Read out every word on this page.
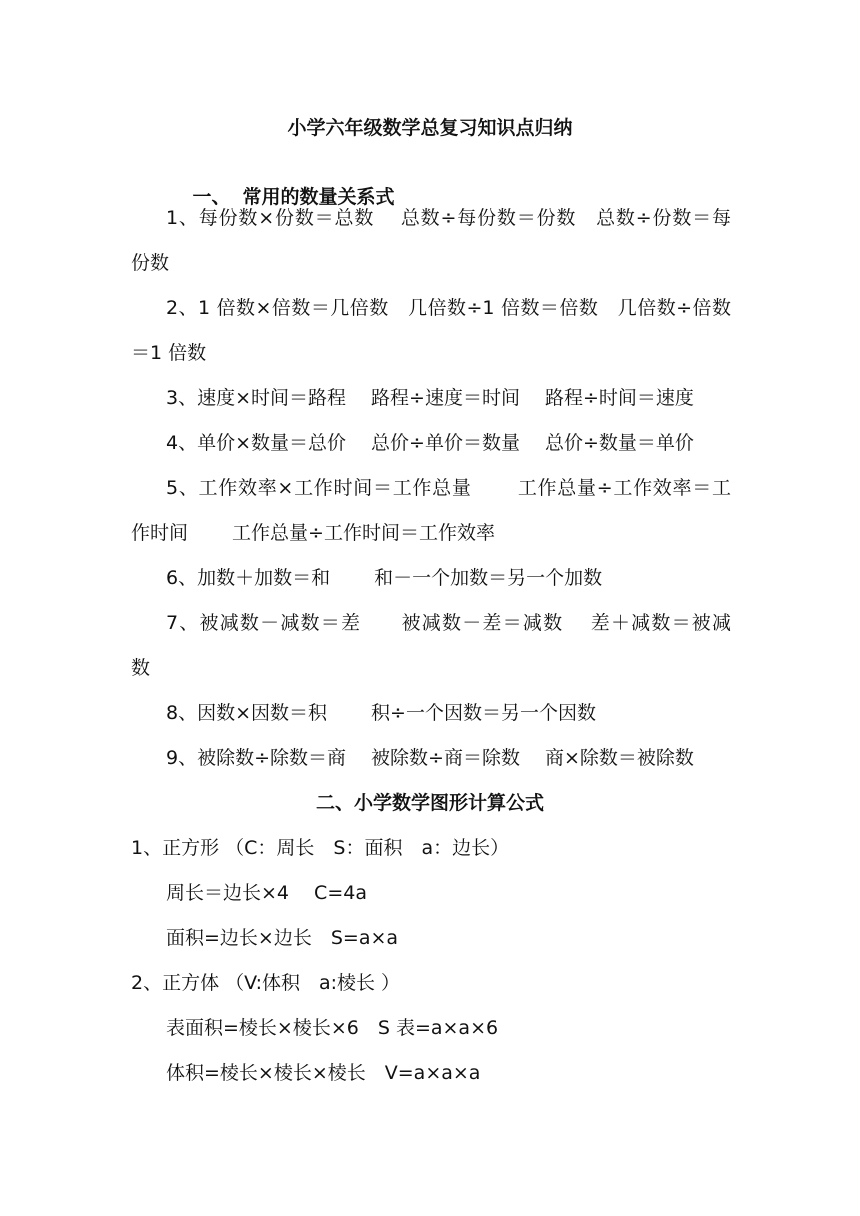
小学六年级数学总复习知识点归纳

一、 常用的数量关系式

1、每份数×份数＝总数　 总数÷每份数＝份数　总数÷份数＝每
份数
2、1 倍数×倍数＝几倍数　几倍数÷1 倍数＝倍数　几倍数÷倍数
＝1 倍数
3、速度×时间＝路程　 路程÷速度＝时间　 路程÷时间＝速度
4、单价×数量＝总价　 总价÷单价＝数量　 总价÷数量＝单价
5、工作效率×工作时间＝工作总量　　 工作总量÷工作效率＝工
作时间　　 工作总量÷工作时间＝工作效率
6、加数＋加数＝和　　 和－一个加数＝另一个加数
7、被减数－减数＝差　　被减数－差＝减数　 差＋减数＝被减
数
8、因数×因数＝积　　 积÷一个因数＝另一个因数
9、被除数÷除数＝商　 被除数÷商＝除数　 商×除数＝被除数
二、小学数学图形计算公式
1、正方形 （C：周长　S：面积　a：边长）
周长＝边长×4　 C=4a
面积=边长×边长　S=a×a
2、正方体 （V:体积　a:棱长 ）
表面积=棱长×棱长×6　S 表=a×a×6
体积=棱长×棱长×棱长　V=a×a×a
